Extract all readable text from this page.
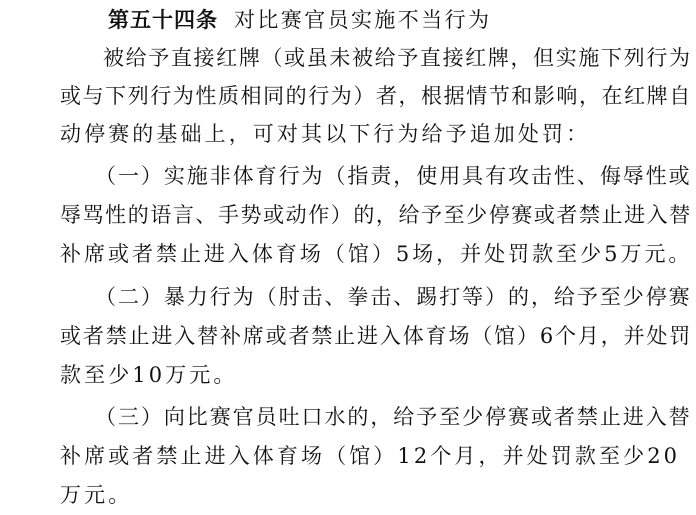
第五十四条 对比赛官员实施不当行为
被给予直接红牌（或虽未被给予直接红牌，但实施下列行为
或与下列行为性质相同的行为）者，根据情节和影响，在红牌自
动停赛的基础上，可对其以下行为给予追加处罚：
（一）实施非体育行为（指责，使用具有攻击性、侮辱性或
辱骂性的语言、手势或动作）的，给予至少停赛或者禁止进入替
补席或者禁止进入体育场（馆）5场，并处罚款至少5万元。
（二）暴力行为（肘击、拳击、踢打等）的，给予至少停赛
或者禁止进入替补席或者禁止进入体育场（馆）6个月，并处罚
款至少10万元。
（三）向比赛官员吐口水的，给予至少停赛或者禁止进入替
补席或者禁止进入体育场（馆）12个月，并处罚款至少20
万元。
